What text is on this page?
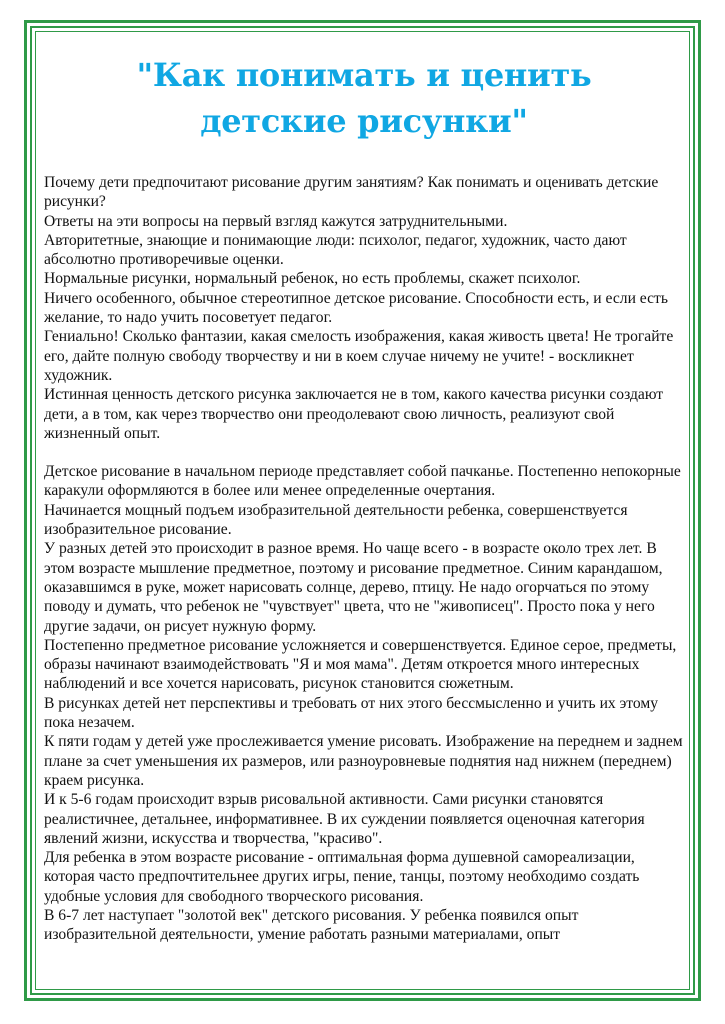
"Как понимать и ценить
детские рисунки"

Почему дети предпочитают рисование другим занятиям? Как понимать и оценивать детские рисунки?

Ответы на эти вопросы на первый взгляд кажутся затруднительными.

Авторитетные, знающие и понимающие люди: психолог, педагог, художник, часто дают абсолютно противоречивые оценки.

Нормальные рисунки, нормальный ребенок, но есть проблемы, скажет психолог.

Ничего особенного, обычное стереотипное детское рисование. Способности есть, и если есть желание, то надо учить посоветует педагог.

Гениально! Сколько фантазии, какая смелость изображения, какая живость цвета! Не трогайте его, дайте полную свободу творчеству и ни в коем случае ничему не учите! - воскликнет художник.

Истинная ценность детского рисунка заключается не в том, какого качества рисунки создают дети, а в том, как через творчество они преодолевают свою личность, реализуют свой жизненный опыт.

Детское рисование в начальном периоде представляет собой пачканье. Постепенно непокорные каракули оформляются в более или менее определенные очертания.

Начинается мощный подъем изобразительной деятельности ребенка, совершенствуется изобразительное рисование.

У разных детей это происходит в разное время. Но чаще всего - в возрасте около трех лет. В этом возрасте мышление предметное, поэтому и рисование предметное. Синим карандашом, оказавшимся в руке, может нарисовать солнце, дерево, птицу. Не надо огорчаться по этому поводу и думать, что ребенок не "чувствует" цвета, что не "живописец". Просто пока у него другие задачи, он рисует нужную форму.

Постепенно предметное рисование усложняется и совершенствуется. Единое серое, предметы, образы начинают взаимодействовать "Я и моя мама". Детям откроется много интересных наблюдений и все хочется нарисовать, рисунок становится сюжетным.

В рисунках детей нет перспективы и требовать от них этого бессмысленно и учить их этому пока незачем.

К пяти годам у детей уже прослеживается умение рисовать. Изображение на переднем и заднем плане за счет уменьшения их размеров, или разноуровневые поднятия над нижнем (переднем) краем рисунка.

И к 5-6 годам происходит взрыв рисовальной активности. Сами рисунки становятся реалистичнее, детальнее, информативнее. В их суждении появляется оценочная категория явлений жизни, искусства и творчества, "красиво".

Для ребенка в этом возрасте рисование - оптимальная форма душевной самореализации, которая часто предпочтительнее других игры, пение, танцы, поэтому необходимо создать удобные условия для свободного творческого рисования.

В 6-7 лет наступает "золотой век" детского рисования. У ребенка появился опыт изобразительной деятельности, умение работать разными материалами, опыт
